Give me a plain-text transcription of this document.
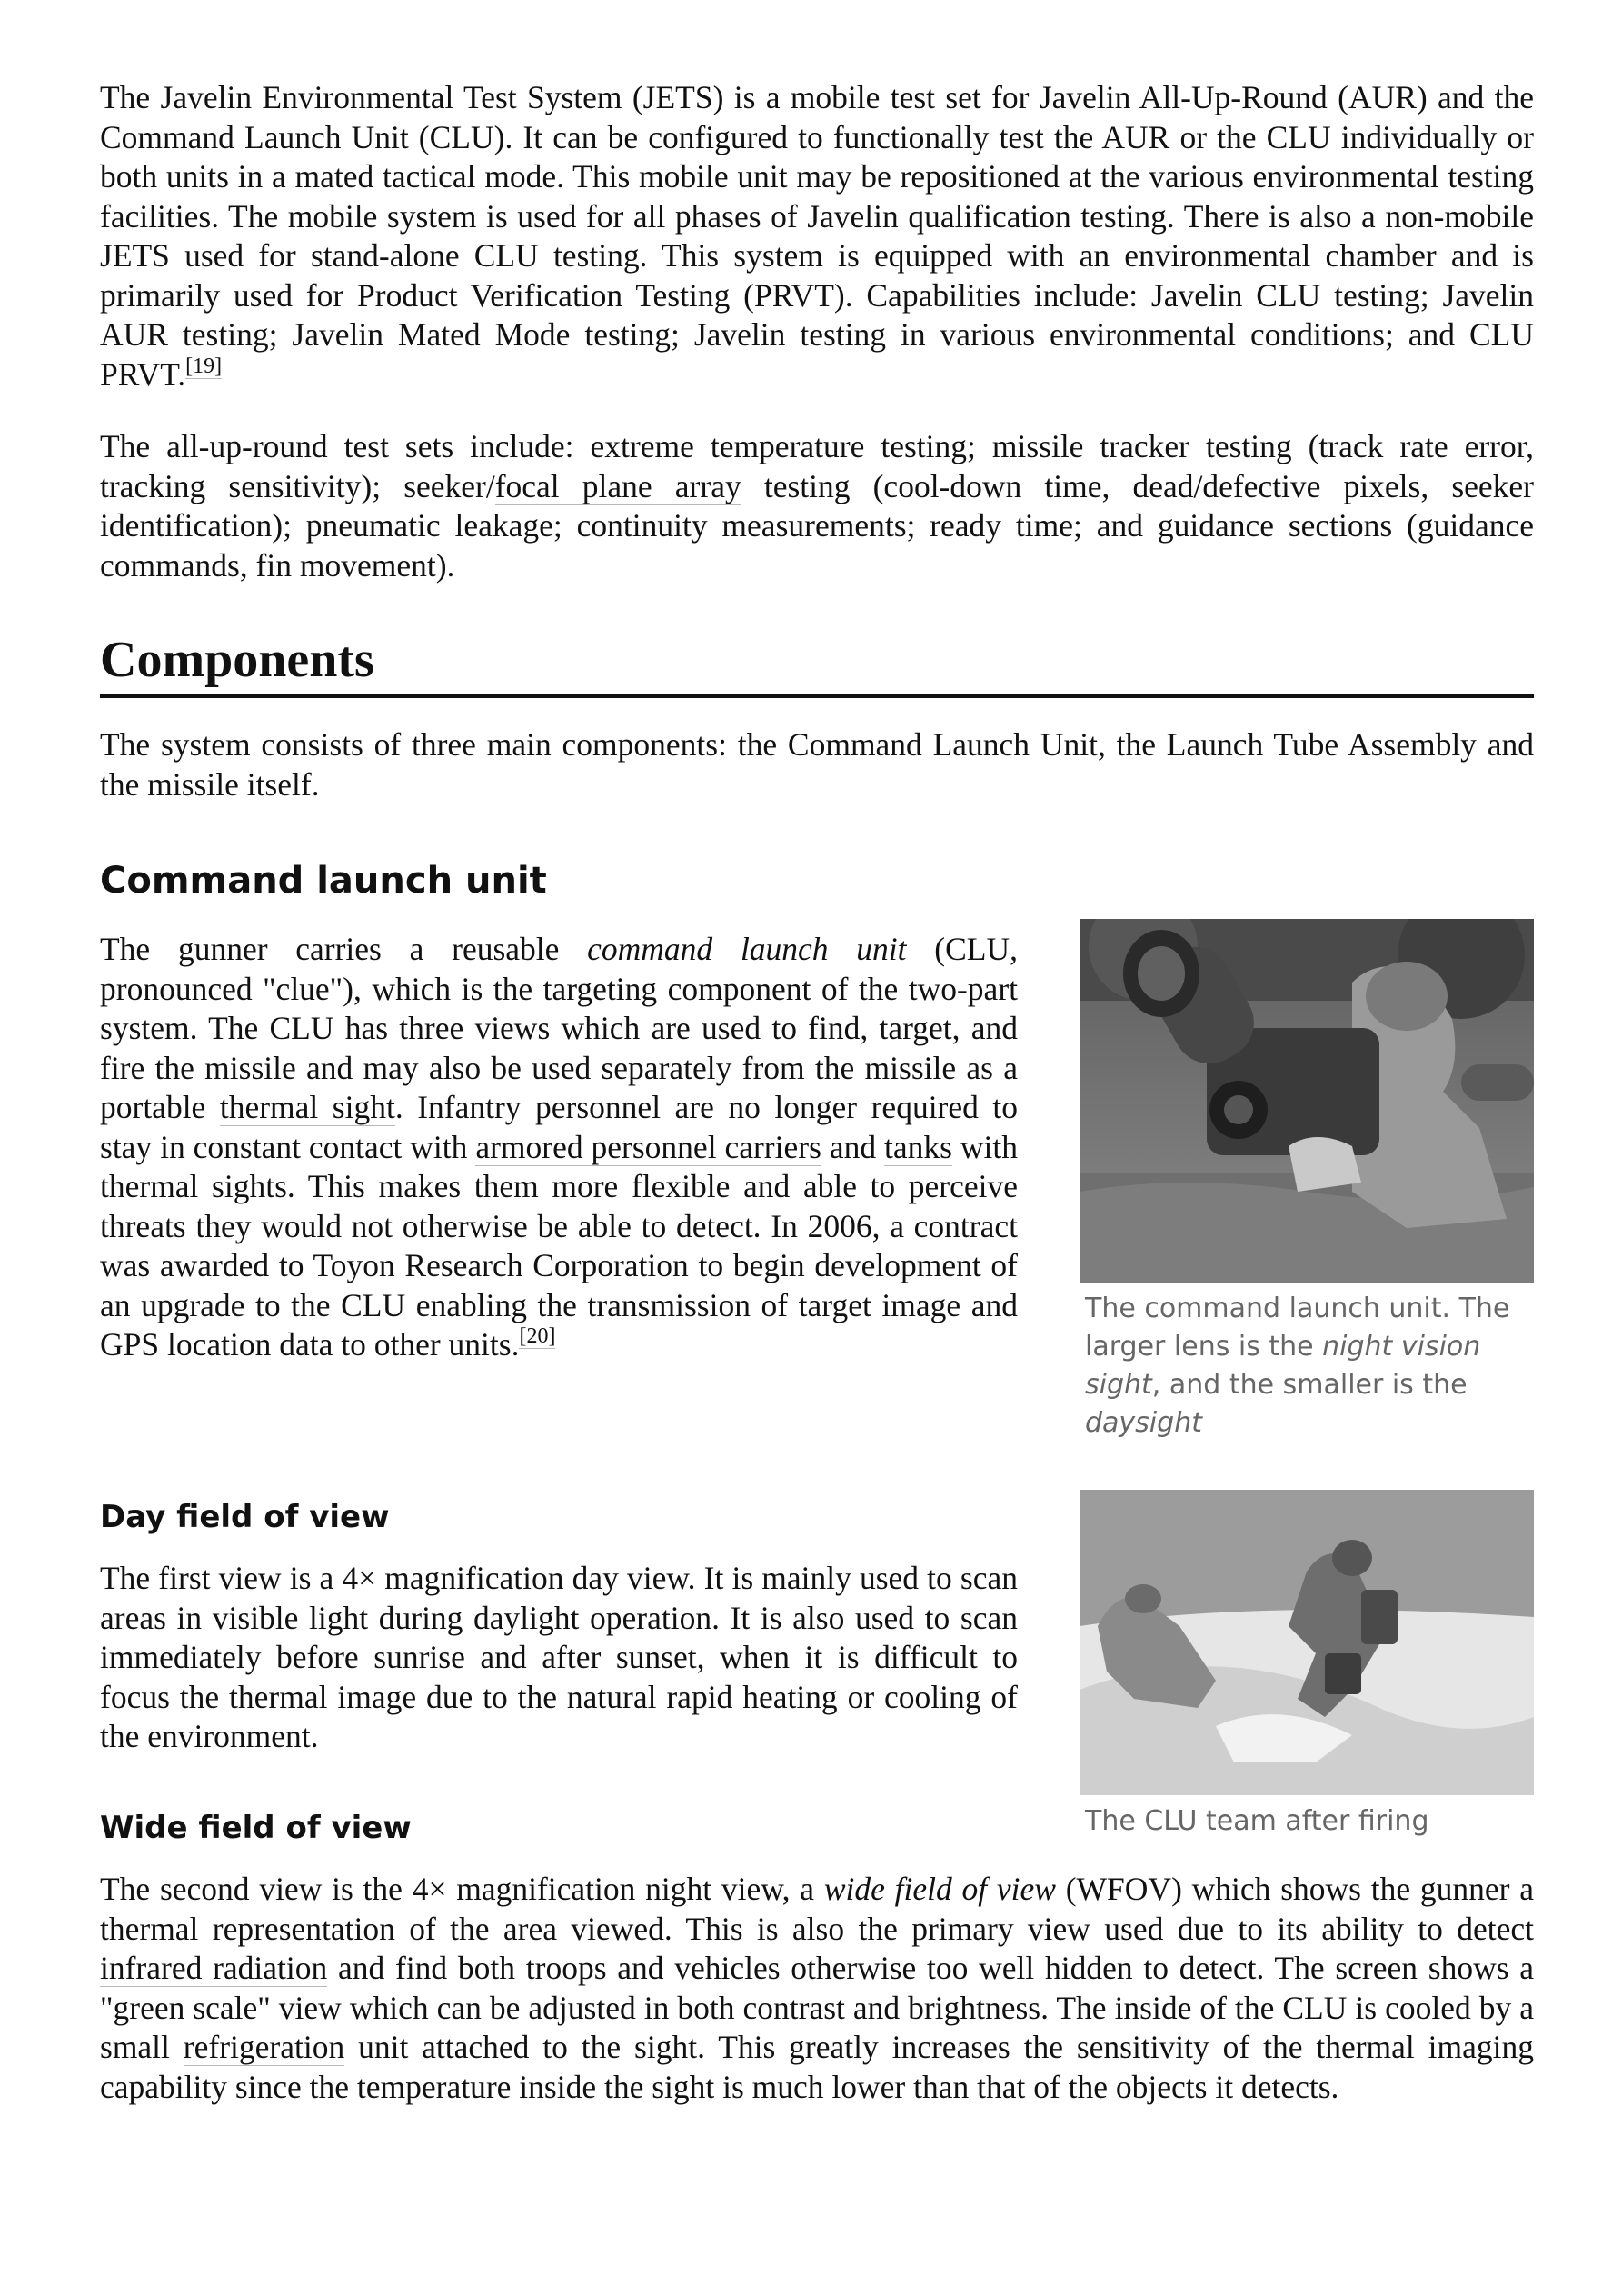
The Javelin Environmental Test System (JETS) is a mobile test set for Javelin All-Up-Round (AUR) and the Command Launch Unit (CLU). It can be configured to functionally test the AUR or the CLU individually or both units in a mated tactical mode. This mobile unit may be repositioned at the various environmental testing facilities. The mobile system is used for all phases of Javelin qualification testing. There is also a non-mobile JETS used for stand-alone CLU testing. This system is equipped with an environmental chamber and is primarily used for Product Verification Testing (PRVT). Capabilities include: Javelin CLU testing; Javelin AUR testing; Javelin Mated Mode testing; Javelin testing in various environmental conditions; and CLU PRVT.[19]

The all-up-round test sets include: extreme temperature testing; missile tracker testing (track rate error, tracking sensitivity); seeker/focal plane array testing (cool-down time, dead/defective pixels, seeker identification); pneumatic leakage; continuity measurements; ready time; and guidance sections (guidance commands, fin movement).

Components

The system consists of three main components: the Command Launch Unit, the Launch Tube Assembly and the missile itself.

Command launch unit

The gunner carries a reusable command launch unit (CLU, pronounced "clue"), which is the targeting component of the two-part system. The CLU has three views which are used to find, target, and fire the missile and may also be used separately from the missile as a portable thermal sight. Infantry personnel are no longer required to stay in constant contact with armored personnel carriers and tanks with thermal sights. This makes them more flexible and able to perceive threats they would not otherwise be able to detect. In 2006, a contract was awarded to Toyon Research Corporation to begin development of an upgrade to the CLU enabling the transmission of target image and GPS location data to other units.[20]

The command launch unit. The larger lens is the night vision sight, and the smaller is the daysight
Day field of view

The first view is a 4× magnification day view. It is mainly used to scan areas in visible light during daylight operation. It is also used to scan immediately before sunrise and after sunset, when it is difficult to focus the thermal image due to the natural rapid heating or cooling of the environment.

The CLU team after firing
Wide field of view

The second view is the 4× magnification night view, a wide field of view (WFOV) which shows the gunner a thermal representation of the area viewed. This is also the primary view used due to its ability to detect infrared radiation and find both troops and vehicles otherwise too well hidden to detect. The screen shows a "green scale" view which can be adjusted in both contrast and brightness. The inside of the CLU is cooled by a small refrigeration unit attached to the sight. This greatly increases the sensitivity of the thermal imaging capability since the temperature inside the sight is much lower than that of the objects it detects.
